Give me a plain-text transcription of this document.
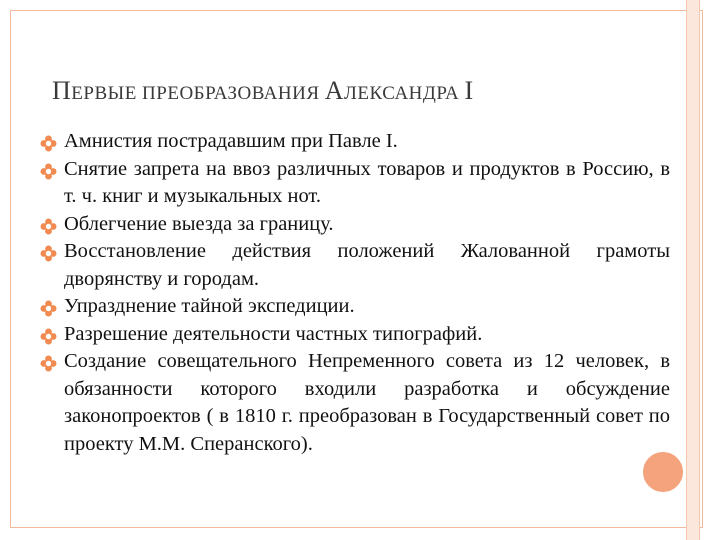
ПЕРВЫЕ ПРЕОБРАЗОВАНИЯ АЛЕКСАНДРА I
Амнистия пострадавшим при Павле I.
Снятие запрета на ввоз различных товаров и продуктов в Россию, в т. ч. книг и музыкальных нот.
Облегчение выезда за границу.
Восстановление действия положений Жалованной грамоты дворянству и городам.
Упразднение тайной экспедиции.
Разрешение деятельности частных типографий.
Создание совещательного Непременного совета из 12 человек, в обязанности которого входили разработка и обсуждение законопроектов ( в 1810 г. преобразован в Государственный совет по проекту М.М. Сперанского).
